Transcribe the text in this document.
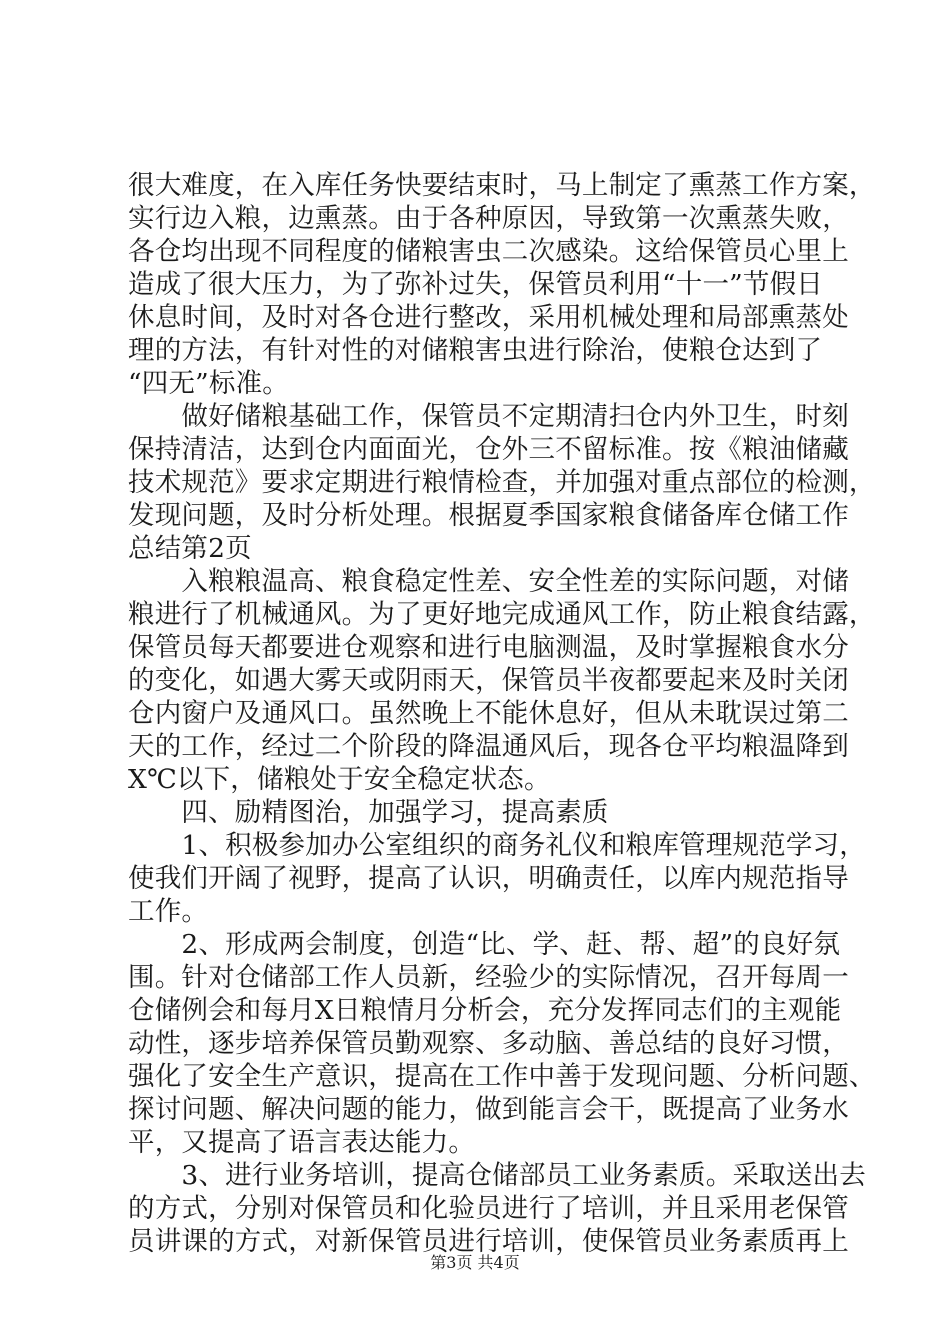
很大难度，在入库任务快要结束时，马上制定了熏蒸工作方案，
实行边入粮，边熏蒸。由于各种原因，导致第一次熏蒸失败，
各仓均出现不同程度的储粮害虫二次感染。这给保管员心里上
造成了很大压力，为了弥补过失，保管员利用“十一”节假日
休息时间，及时对各仓进行整改，采用机械处理和局部熏蒸处
理的方法，有针对性的对储粮害虫进行除治，使粮仓达到了
“四无”标准。
　　做好储粮基础工作，保管员不定期清扫仓内外卫生，时刻
保持清洁，达到仓内面面光，仓外三不留标准。按《粮油储藏
技术规范》要求定期进行粮情检查，并加强对重点部位的检测，
发现问题，及时分析处理。根据夏季国家粮食储备库仓储工作
总结第2页
　　入粮粮温高、粮食稳定性差、安全性差的实际问题，对储
粮进行了机械通风。为了更好地完成通风工作，防止粮食结露，
保管员每天都要进仓观察和进行电脑测温，及时掌握粮食水分
的变化，如遇大雾天或阴雨天，保管员半夜都要起来及时关闭
仓内窗户及通风口。虽然晚上不能休息好，但从未耽误过第二
天的工作，经过二个阶段的降温通风后，现各仓平均粮温降到
X℃以下，储粮处于安全稳定状态。
　　四、励精图治，加强学习，提高素质
　　1、积极参加办公室组织的商务礼仪和粮库管理规范学习，
使我们开阔了视野，提高了认识，明确责任，以库内规范指导
工作。
　　2、形成两会制度，创造“比、学、赶、帮、超”的良好氛
围。针对仓储部工作人员新，经验少的实际情况，召开每周一
仓储例会和每月X日粮情月分析会，充分发挥同志们的主观能
动性，逐步培养保管员勤观察、多动脑、善总结的良好习惯，
强化了安全生产意识，提高在工作中善于发现问题、分析问题、
探讨问题、解决问题的能力，做到能言会干，既提高了业务水
平，又提高了语言表达能力。
　　3、进行业务培训，提高仓储部员工业务素质。采取送出去
的方式，分别对保管员和化验员进行了培训，并且采用老保管
员讲课的方式，对新保管员进行培训，使保管员业务素质再上
第3页 共4页
